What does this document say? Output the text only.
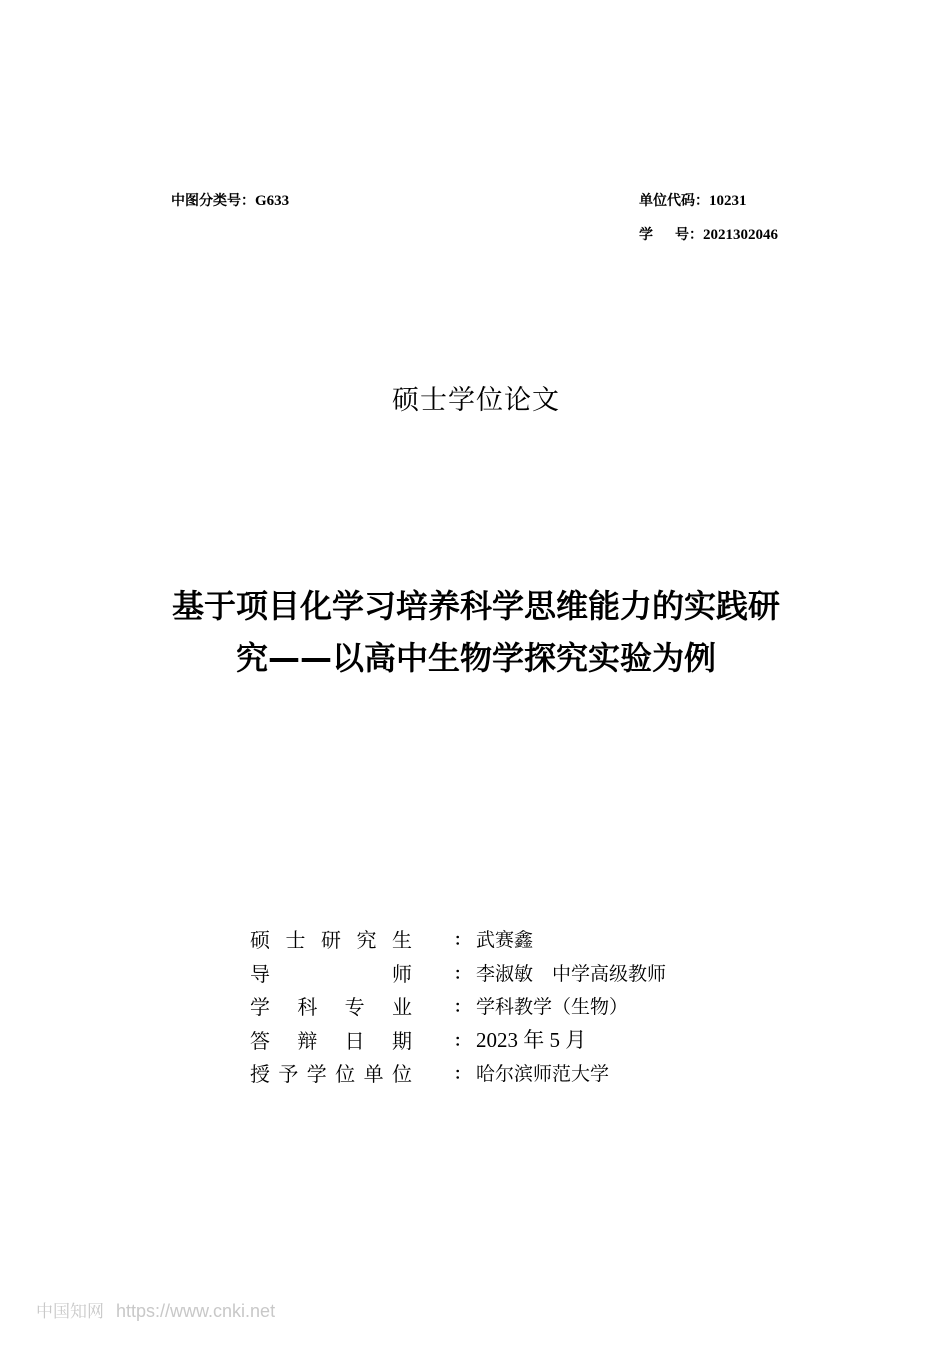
中图分类号：G633	单位代码：10231
学 号：2021302046
硕士学位论文
基于项目化学习培养科学思维能力的实践研
究——以高中生物学探究实验为例
硕 士 研 究 生	： 武赛鑫
导	师	： 李淑敏　中学高级教师
学 科 专 业	： 学科教学（生物）
答 辩 日 期	： 2023 年 5 月
授 予 学 位 单 位	： 哈尔滨师范大学
中国知网 https://www.cnki.net
